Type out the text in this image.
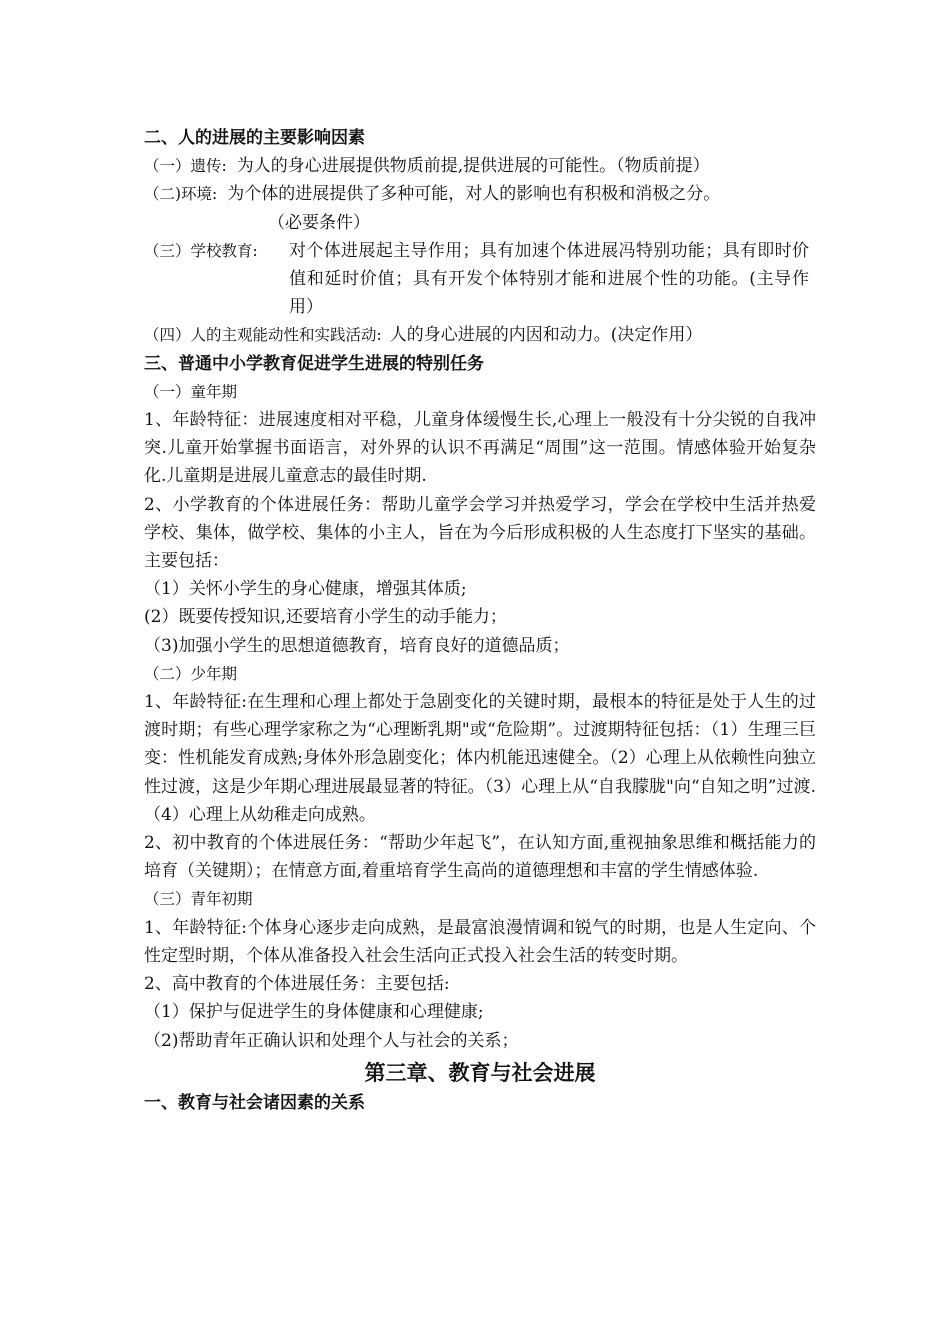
二、人的进展的主要影响因素
（一）遗传: 为人的身心进展提供物质前提,提供进展的可能性。（物质前提）
（二)环境: 为个体的进展提供了多种可能，对人的影响也有积极和消极之分。
（必要条件）
（三）学校教育:	对个体进展起主导作用；具有加速个体进展冯特别功能；具有即时价值和延时价值；具有开发个体特别才能和进展个性的功能。(主导作用）
（四）人的主观能动性和实践活动: 人的身心进展的内因和动力。(决定作用）
三、普通中小学教育促进学生进展的特别任务
（一）童年期
1、年龄特征：进展速度相对平稳，儿童身体缓慢生长,心理上一般没有十分尖锐的自我冲突.儿童开始掌握书面语言，对外界的认识不再满足“周围”这一范围。情感体验开始复杂化.儿童期是进展儿童意志的最佳时期.
2、小学教育的个体进展任务：帮助儿童学会学习并热爱学习，学会在学校中生活并热爱学校、集体，做学校、集体的小主人，旨在为今后形成积极的人生态度打下坚实的基础。主要包括：
（1）关怀小学生的身心健康，增强其体质;
(2）既要传授知识,还要培育小学生的动手能力；
（3)加强小学生的思想道德教育，培育良好的道德品质；
（二）少年期
1、年龄特征:在生理和心理上都处于急剧变化的关键时期，最根本的特征是处于人生的过渡时期；有些心理学家称之为“心理断乳期"或“危险期”。过渡期特征包括：（1）生理三巨变：性机能发育成熟;身体外形急剧变化；体内机能迅速健全。（2）心理上从依赖性向独立性过渡，这是少年期心理进展最显著的特征。（3）心理上从“自我朦胧"向“自知之明”过渡.（4）心理上从幼稚走向成熟。
2、初中教育的个体进展任务：“帮助少年起飞”，在认知方面,重视抽象思维和概括能力的培育（关键期）；在情意方面,着重培育学生高尚的道德理想和丰富的学生情感体验.
（三）青年初期
1、年龄特征:个体身心逐步走向成熟，是最富浪漫情调和锐气的时期，也是人生定向、个性定型时期，个体从准备投入社会生活向正式投入社会生活的转变时期。
2、高中教育的个体进展任务：主要包括:
（1）保护与促进学生的身体健康和心理健康;
（2)帮助青年正确认识和处理个人与社会的关系；
第三章、教育与社会进展
一、教育与社会诸因素的关系
